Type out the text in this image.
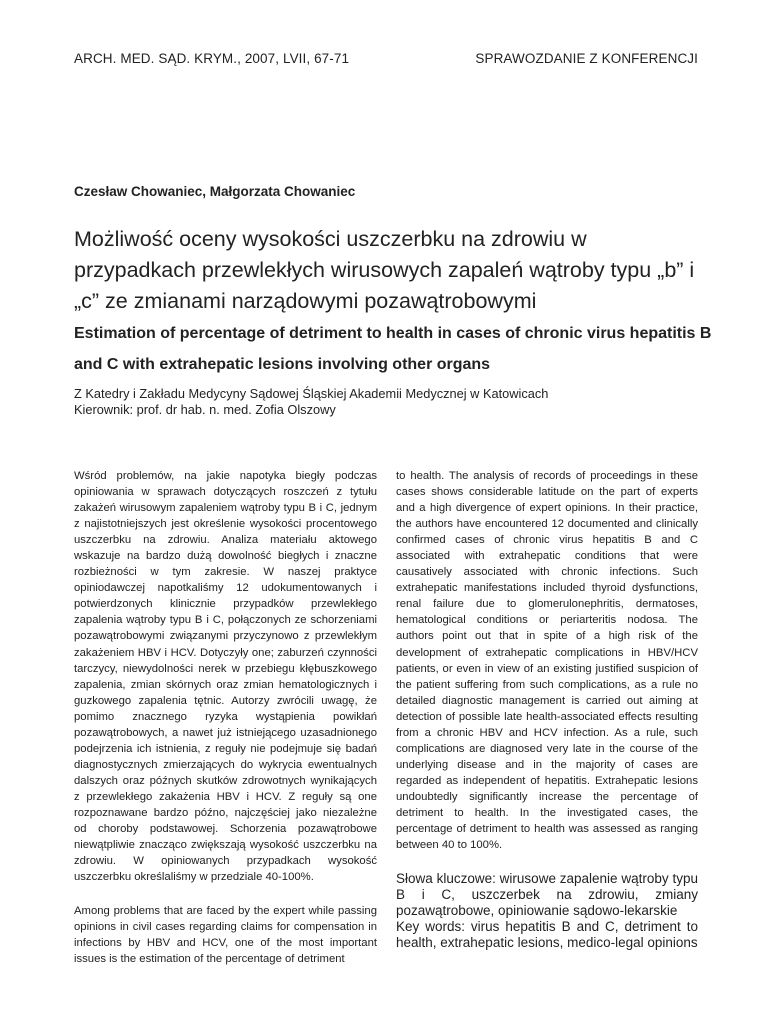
ARCH. MED. SĄD. KRYM., 2007, LVII, 67-71	SPRAWOZDANIE Z KONFERENCJI
Czesław Chowaniec, Małgorzata Chowaniec
Możliwość oceny wysokości uszczerbku na zdrowiu w przypadkach przewlekłych wirusowych zapaleń wątroby typu „b” i „c” ze zmianami narządowymi pozawątrobowymi
Estimation of percentage of detriment to health in cases of chronic virus hepatitis B and C with extrahepatic lesions involving other organs
Z Katedry i Zakładu Medycyny Sądowej Śląskiej Akademii Medycznej w Katowicach
Kierownik: prof. dr hab. n. med. Zofia Olszowy

Wśród problemów, na jakie napotyka biegły podczas opiniowania w sprawach dotyczących roszczeń z tytułu zakażeń wirusowym zapaleniem wątroby typu B i C, jednym z najistotniejszych jest określenie wysokości procentowego uszczerbku na zdrowiu. Analiza materiału aktowego wskazuje na bardzo dużą dowolność biegłych i znaczne rozbieżności w tym zakresie. W naszej praktyce opiniodawczej napotkaliśmy 12 udokumentowanych i potwierdzonych klinicznie przypadków przewlekłego zapalenia wątroby typu B i C, połączonych ze schorzeniami pozawątrobowymi związanymi przyczynowo z przewlekłym zakażeniem HBV i HCV. Dotyczyły one; zaburzeń czynności tarczycy, niewydolności nerek w przebiegu kłębuszkowego zapalenia, zmian skórnych oraz zmian hematologicznych i guzkowego zapalenia tętnic. Autorzy zwrócili uwagę, że pomimo znacznego ryzyka wystąpienia powikłań pozawątrobowych, a nawet już istniejącego uzasadnionego podejrzenia ich istnienia, z reguły nie podejmuje się badań diagnostycznych zmierzających do wykrycia ewentualnych dalszych oraz późnych skutków zdrowotnych wynikających z przewlekłego zakażenia HBV i HCV. Z reguły są one rozpoznawane bardzo późno, najczęściej jako niezależne od choroby podstawowej. Schorzenia pozawątrobowe niewątpliwie znacząco zwiększają wysokość uszczerbku na zdrowiu. W opiniowanych przypadkach wysokość uszczerbku określaliśmy w przedziale 40-100%.

Among problems that are faced by the expert while passing opinions in civil cases regarding claims for compensation in infections by HBV and HCV, one of the most important issues is the estimation of the percentage of detriment

to health. The analysis of records of proceedings in these cases shows considerable latitude on the part of experts and a high divergence of expert opinions. In their practice, the authors have encountered 12 documented and clinically confirmed cases of chronic virus hepatitis B and C associated with extrahepatic conditions that were causatively associated with chronic infections. Such extrahepatic manifestations included thyroid dysfunctions, renal failure due to glomerulonephritis, dermatoses, hematological conditions or periarteritis nodosa. The authors point out that in spite of a high risk of the development of extrahepatic complications in HBV/HCV patients, or even in view of an existing justified suspicion of the patient suffering from such complications, as a rule no detailed diagnostic management is carried out aiming at detection of possible late health-associated effects resulting from a chronic HBV and HCV infection. As a rule, such complications are diagnosed very late in the course of the underlying disease and in the majority of cases are regarded as independent of hepatitis. Extrahepatic lesions undoubtedly significantly increase the percentage of detriment to health. In the investigated cases, the percentage of detriment to health was assessed as ranging between 40 to 100%.

Słowa kluczowe: wirusowe zapalenie wątroby typu B i C, uszczerbek na zdrowiu, zmiany pozawątrobowe, opiniowanie sądowo-lekarskie
Key words: virus hepatitis B and C, detriment to health, extrahepatic lesions, medico-legal opinions
